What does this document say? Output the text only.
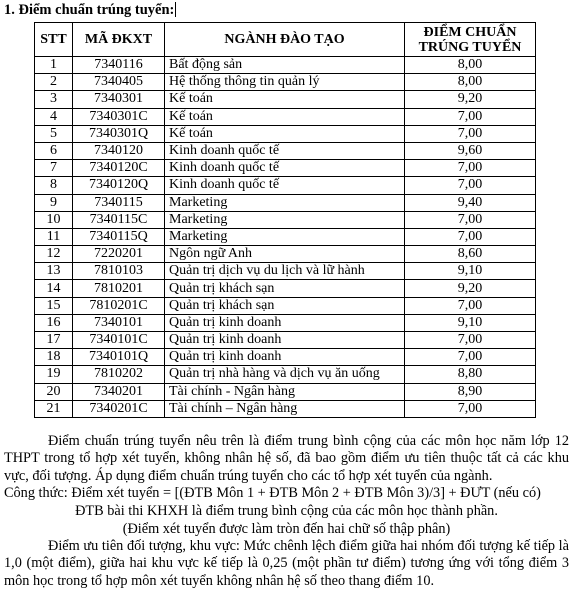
1. Điểm chuẩn trúng tuyển:
STT	MÃ ĐKXT	NGÀNH ĐÀO TẠO	ĐIỂM CHUẨN
TRÚNG TUYỂN
1	7340116	Bất động sản	8,00
2	7340405	Hệ thống thông tin quản lý	8,00
3	7340301	Kế toán	9,20
4	7340301C	Kế toán	7,00
5	7340301Q	Kế toán	7,00
6	7340120	Kinh doanh quốc tế	9,60
7	7340120C	Kinh doanh quốc tế	7,00
8	7340120Q	Kinh doanh quốc tế	7,00
9	7340115	Marketing	9,40
10	7340115C	Marketing	7,00
11	7340115Q	Marketing	7,00
12	7220201	Ngôn ngữ Anh	8,60
13	7810103	Quản trị dịch vụ du lịch và lữ hành	9,10
14	7810201	Quản trị khách sạn	9,20
15	7810201C	Quản trị khách sạn	7,00
16	7340101	Quản trị kinh doanh	9,10
17	7340101C	Quản trị kinh doanh	7,00
18	7340101Q	Quản trị kinh doanh	7,00
19	7810202	Quản trị nhà hàng và dịch vụ ăn uống	8,80
20	7340201	Tài chính - Ngân hàng	8,90
21	7340201C	Tài chính – Ngân hàng	7,00
Điểm chuẩn trúng tuyển nêu trên là điểm trung bình cộng của các môn học năm lớp 12 THPT trong tổ hợp xét tuyển, không nhân hệ số, đã bao gồm điểm ưu tiên thuộc tất cả các khu vực, đối tượng. Áp dụng điểm chuẩn trúng tuyển cho các tổ hợp xét tuyển của ngành.
Công thức: Điểm xét tuyển = [(ĐTB Môn 1 + ĐTB Môn 2 + ĐTB Môn 3)/3] + ĐƯT (nếu có)
ĐTB bài thi KHXH là điểm trung bình cộng của các môn học thành phần.
(Điểm xét tuyển được làm tròn đến hai chữ số thập phân)
Điểm ưu tiên đối tượng, khu vực: Mức chênh lệch điểm giữa hai nhóm đối tượng kế tiếp là 1,0 (một điểm), giữa hai khu vực kế tiếp là 0,25 (một phần tư điểm) tương ứng với tổng điểm 3 môn học trong tổ hợp môn xét tuyển không nhân hệ số theo thang điểm 10.
